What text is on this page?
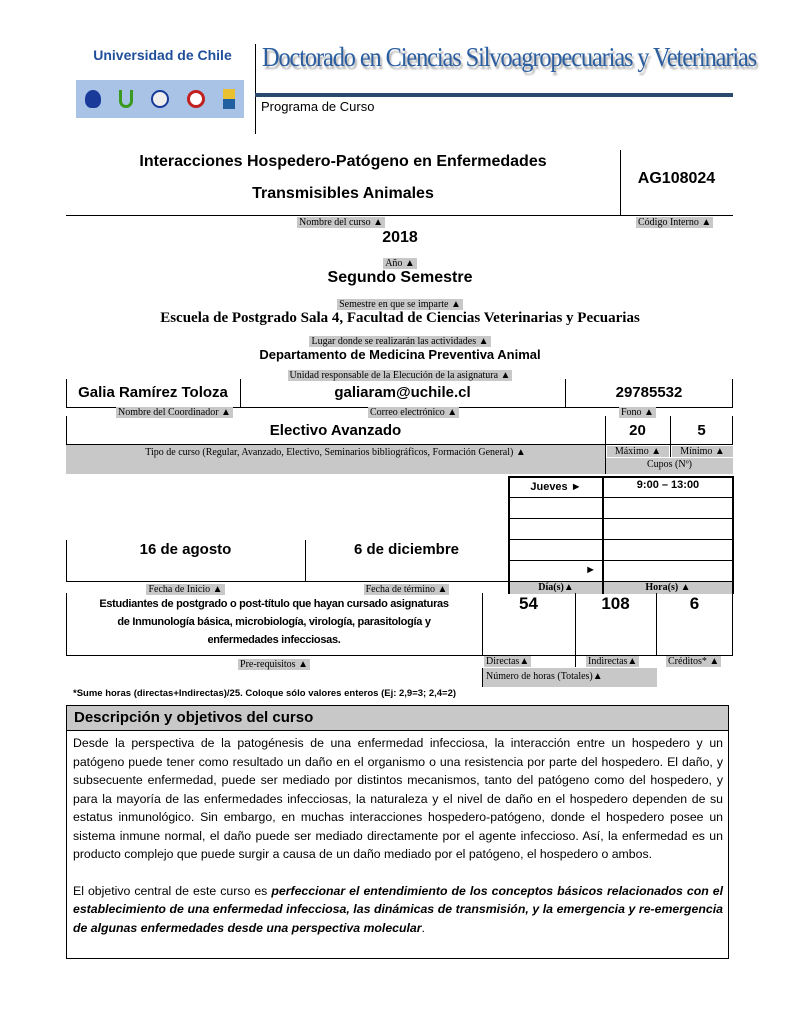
Universidad de Chile	Doctorado en Ciencias Silvoagropecuarias y Veterinarias
Programa de Curso
Interacciones Hospedero-Patógeno en Enfermedades
Transmisibles Animales
AG108024
Nombre del curso ▲	Código Interno ▲
2018
Año ▲
Segundo Semestre
Semestre en que se imparte ▲
Escuela de Postgrado Sala 4, Facultad de Ciencias Veterinarias y Pecuarias
Lugar donde se realizarán las actividades ▲
Departamento de Medicina Preventiva Animal
Unidad responsable de la Elecución de la asignatura ▲
Galia Ramírez Toloza	galiaram@uchile.cl	29785532
Nombre del Coordinador ▲	Correo electrónico ▲	Fono ▲
Electivo Avanzado	20	5
Tipo de curso (Regular, Avanzado, Electivo, Seminarios bibliográficos, Formación General) ▲	Máximo ▲	Mínimo ▲
Cupos (Nº)
Jueves ►	9:00 – 13:00
►
Día(s)▲	Hora(s) ▲
16 de agosto	6 de diciembre
Fecha de Inicio ▲	Fecha de término ▲
Estudiantes de postgrado o post-título que hayan cursado asignaturas
de Inmunología básica, microbiología, virología, parasitología y
enfermedades infecciosas.
Pre-requisitos ▲
54	108	6
Directas▲	Indirectas▲	Créditos* ▲
Número de horas (Totales)▲
*Sume horas (directas+Indirectas)/25. Coloque sólo valores enteros (Ej: 2,9=3; 2,4=2)
Descripción y objetivos del curso

Desde la perspectiva de la patogénesis de una enfermedad infecciosa, la interacción entre un hospedero y un patógeno puede tener como resultado un daño en el organismo o una resistencia por parte del hospedero. El daño, y subsecuente enfermedad, puede ser mediado por distintos mecanismos, tanto del patógeno como del hospedero, y para la mayoría de las enfermedades infecciosas, la naturaleza y el nivel de daño en el hospedero dependen de su estatus inmunológico. Sin embargo, en muchas interacciones hospedero-patógeno, donde el hospedero posee un sistema inmune normal, el daño puede ser mediado directamente por el agente infeccioso. Así, la enfermedad es un producto complejo que puede surgir a causa de un daño mediado por el patógeno, el hospedero o ambos.

El objetivo central de este curso es perfeccionar el entendimiento de los conceptos básicos relacionados con el establecimiento de una enfermedad infecciosa, las dinámicas de transmisión, y la emergencia y re-emergencia de algunas enfermedades desde una perspectiva molecular.
